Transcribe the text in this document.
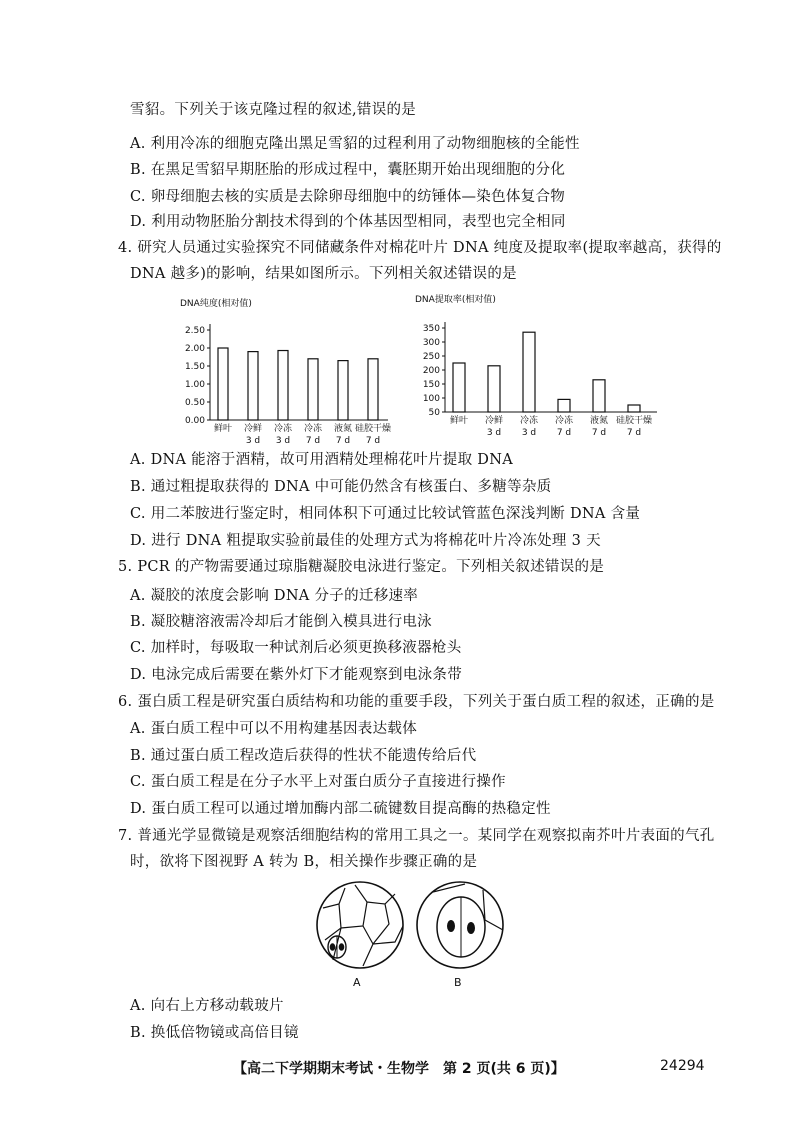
雪貂。下列关于该克隆过程的叙述,错误的是
A. 利用冷冻的细胞克隆出黑足雪貂的过程利用了动物细胞核的全能性
B. 在黑足雪貂早期胚胎的形成过程中，囊胚期开始出现细胞的分化
C. 卵母细胞去核的实质是去除卵母细胞中的纺锤体—染色体复合物
D. 利用动物胚胎分割技术得到的个体基因型相同，表型也完全相同
4. 研究人员通过实验探究不同储藏条件对棉花叶片 DNA 纯度及提取率(提取率越高，获得的
DNA 越多)的影响，结果如图所示。下列相关叙述错误的是
DNA纯度(相对值)
0.00
0.50
1.00
1.50
2.00
2.50
鲜叶 冷鲜
3 d
冷冻
3 d
冷冻
7 d
液氮
7 d
硅胶干燥
7 d
DNA提取率(相对值)
50
100
150
200
250
300
350
鲜叶 冷鲜
3 d
冷冻
3 d
冷冻
7 d
液氮
7 d
硅胶干燥
7 d
A. DNA 能溶于酒精，故可用酒精处理棉花叶片提取 DNA
B. 通过粗提取获得的 DNA 中可能仍然含有核蛋白、多糖等杂质
C. 用二苯胺进行鉴定时，相同体积下可通过比较试管蓝色深浅判断 DNA 含量
D. 进行 DNA 粗提取实验前最佳的处理方式为将棉花叶片冷冻处理 3 天
5. PCR 的产物需要通过琼脂糖凝胶电泳进行鉴定。下列相关叙述错误的是
A. 凝胶的浓度会影响 DNA 分子的迁移速率
B. 凝胶糖溶液需冷却后才能倒入模具进行电泳
C. 加样时，每吸取一种试剂后必须更换移液器枪头
D. 电泳完成后需要在紫外灯下才能观察到电泳条带
6. 蛋白质工程是研究蛋白质结构和功能的重要手段，下列关于蛋白质工程的叙述，正确的是
A. 蛋白质工程中可以不用构建基因表达载体
B. 通过蛋白质工程改造后获得的性状不能遗传给后代
C. 蛋白质工程是在分子水平上对蛋白质分子直接进行操作
D. 蛋白质工程可以通过增加酶内部二硫键数目提高酶的热稳定性
7. 普通光学显微镜是观察活细胞结构的常用工具之一。某同学在观察拟南芥叶片表面的气孔
时，欲将下图视野 A 转为 B，相关操作步骤正确的是
A	B
A. 向右上方移动载玻片
B. 换低倍物镜或高倍目镜
【高二下学期期末考试・生物学　第 2 页(共 6 页)】	24294
